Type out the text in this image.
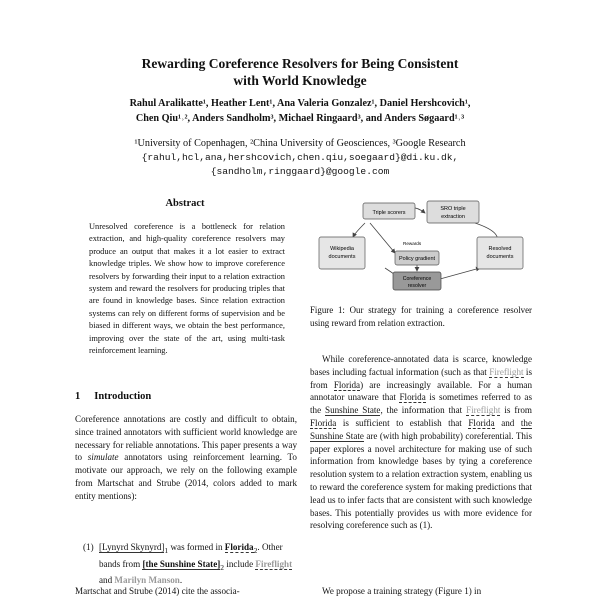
Rewarding Coreference Resolvers for Being Consistent
with World Knowledge
Rahul Aralikatte¹, Heather Lent¹, Ana Valeria Gonzalez¹, Daniel Hershcovich¹,
Chen Qiu¹˒², Anders Sandholm³, Michael Ringaard³, and Anders Søgaard¹˒³
¹University of Copenhagen, ²China University of Geosciences, ³Google Research
{rahul,hcl,ana,hershcovich,chen.qiu,soegaard}@di.ku.dk,
{sandholm,ringgaard}@google.com
Abstract
Unresolved coreference is a bottleneck for relation extraction, and high-quality coreference resolvers may produce an output that makes it a lot easier to extract knowledge triples. We show how to improve coreference resolvers by forwarding their input to a relation extraction system and reward the resolvers for producing triples that are found in knowledge bases. Since relation extraction systems can rely on different forms of supervision and be biased in different ways, we obtain the best performance, improving over the state of the art, using multi-task reinforcement learning.
1 Introduction
Coreference annotations are costly and difficult to obtain, since trained annotators with sufficient world knowledge are necessary for reliable annotations. This paper presents a way to simulate annotators using reinforcement learning. To motivate our approach, we rely on the following example from Martschat and Strube (2014, colors added to mark entity mentions):
(1) [Lynyrd $Skynyrd]_1$ was formed in Florida$_2$. Other bands from [the Sunshine $State]_2$ include Fireflight and Marilyn Manson.
Martschat and Strube (2014) cite the associa-
Triple scorers
SRO triple
extraction
Wikipedia
documents
Rewards
Policy gradient
Coreference
resolver
Resolved
documents
Figure 1: Our strategy for training a coreference resolver using reward from relation extraction.
While coreference-annotated data is scarce, knowledge bases including factual information (such as that Fireflight is from Florida) are increasingly available. For a human annotator unaware that Florida is sometimes referred to as the Sunshine State, the information that Fireflight is from Florida is sufficient to establish that Florida and the Sunshine State are (with high probability) coreferential. This paper explores a novel architecture for making use of such information from knowledge bases by tying a coreference resolution system to a relation extraction system, enabling us to reward the coreference system for making predictions that lead us to infer facts that are consistent with such knowledge bases. This potentially provides us with more evidence for resolving coreference such as (1).
We propose a training strategy (Figure 1) in
